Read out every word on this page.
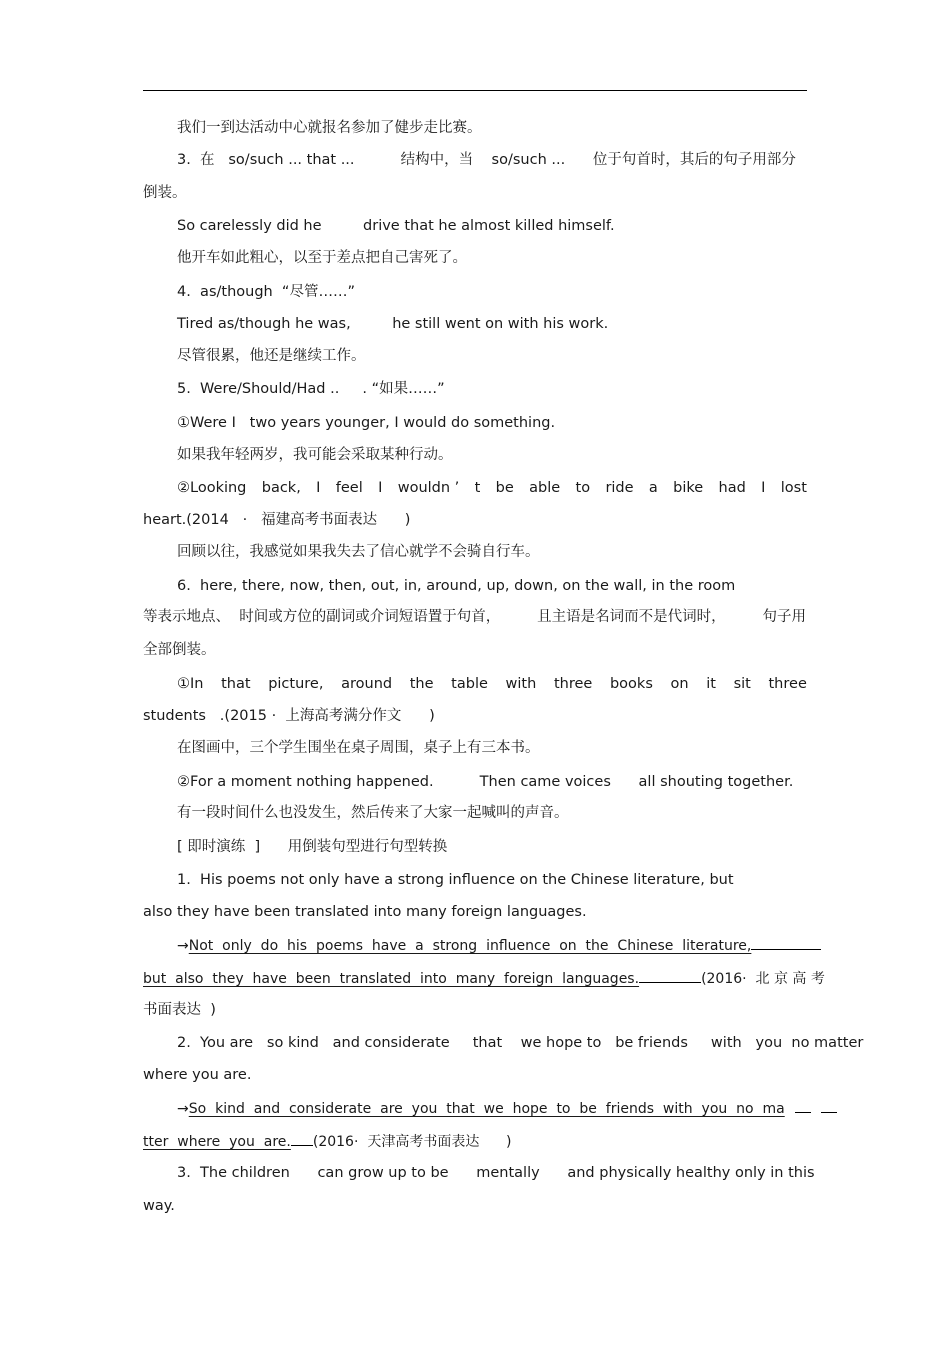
我们一到达活动中心就报名参加了健步走比赛。

3.  在   so/such ... that ...          结构中，当    so/such ...      位于句首时，其后的句子用部分

倒装。

So carelessly did he         drive that he almost killed himself.

他开车如此粗心，以至于差点把自己害死了。

4.  as/though  “尽管……”

Tired as/though he was,         he still went on with his work.

尽管很累，他还是继续工作。

5.  Were/Should/Had ..     . “如果……”

①Were I   two years younger, I would do something.

如果我年轻两岁，我可能会采取某种行动。

②Looking back, I feel I wouldn ’ t be able to ride a bike had I lost

heart.(2014   ·   福建高考书面表达      )

回顾以往，我感觉如果我失去了信心就学不会骑自行车。

6.  here, there, now, then, out, in, around, up, down, on the wall, in the room

等表示地点、  时间或方位的副词或介词短语置于句首，        且主语是名词而不是代词时，        句子用

全部倒装。

①In that picture, around the table with three books on it sit three

students   .(2015 ·  上海高考满分作文      )

在图画中，三个学生围坐在桌子周围，桌子上有三本书。

②For a moment nothing happened.          Then came voices      all shouting together.

有一段时间什么也没发生，然后传来了大家一起喊叫的声音。

[ 即时演练  ]      用倒装句型进行句型转换

1.  His poems not only have a strong influence on the Chinese literature, but

also they have been translated into many foreign languages.

→Not  only  do  his  poems  have  a  strong  influence  on  the  Chinese  literature,

but  also  they  have  been  translated  into  many  foreign  languages.	(2016·  北 京 高 考

书面表达  )

2.  You are   so kind   and considerate     that    we hope to   be friends     with   you  no matter

where you are.

→So  kind  and  considerate  are  you  that  we  hope  to  be  friends  with  you  no  ma

tter  where  you  are. (2016·  天津高考书面表达      )

3.  The children      can grow up to be      mentally      and physically healthy only in this

way.
